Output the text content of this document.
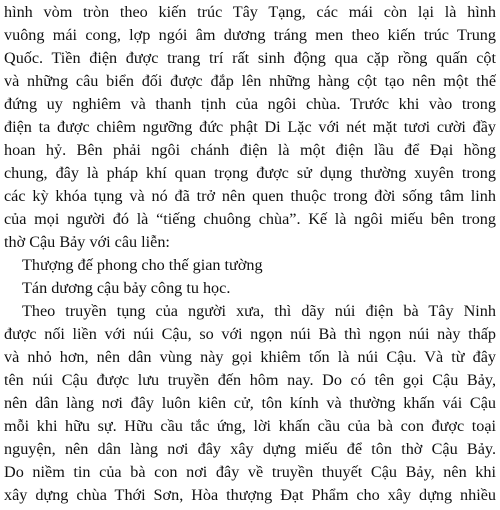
hình vòm tròn theo kiến trúc Tây Tạng, các mái còn lại là hình
vuông mái cong, lợp ngói âm dương tráng men theo kiến trúc Trung
Quốc. Tiền điện được trang trí rất sinh động qua cặp rồng quấn cột
và những câu biển đối được đắp lên những hàng cột tạo nên một thế
đứng uy nghiêm và thanh tịnh của ngôi chùa. Trước khi vào trong
điện ta được chiêm ngưỡng đức phật Di Lặc với nét mặt tươi cười đầy
hoan hỷ. Bên phải ngôi chánh điện là một điện lầu để Đại hồng
chung, đây là pháp khí quan trọng được sử dụng thường xuyên trong
các kỳ khóa tụng và nó đã trở nên quen thuộc trong đời sống tâm linh
của mọi người đó là “tiếng chuông chùa”. Kế là ngôi miếu bên trong
thờ Cậu Bảy với câu liễn:
Thượng đế phong cho thế gian tường
Tán dương cậu bảy công tu học.
Theo truyền tụng của người xưa, thì dãy núi điện bà Tây Ninh
được nối liền với núi Cậu, so với ngọn núi Bà thì ngọn núi này thấp
và nhỏ hơn, nên dân vùng này gọi khiêm tốn là núi Cậu. Và từ đây
tên núi Cậu được lưu truyền đến hôm nay. Do có tên gọi Cậu Bảy,
nên dân làng nơi đây luôn kiên cử, tôn kính và thường khấn vái Cậu
mỗi khi hữu sự. Hữu cầu tắc ứng, lời khấn cầu của bà con được toại
nguyện, nên dân làng nơi đây xây dựng miếu để tôn thờ Cậu Bảy.
Do niềm tin của bà con nơi đây về truyền thuyết Cậu Bảy, nên khi
xây dựng chùa Thới Sơn, Hòa thượng Đạt Phẩm cho xây dựng nhiều
